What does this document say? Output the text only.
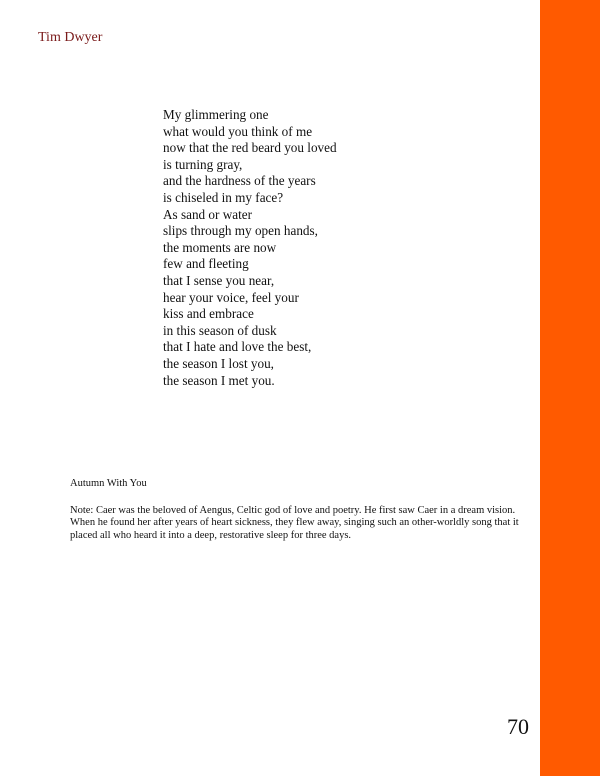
Tim Dwyer
My glimmering one
what would you think of me
now that the red beard you loved
is turning gray,
and the hardness of the years
is chiseled in my face?
As sand or water
slips through my open hands,
the moments are now
few and fleeting
that I sense you near,
hear your voice, feel your
kiss and embrace
in this season of dusk
that I hate and love the best,
the season I lost you,
the season I met you.
Autumn With You
Note: Caer was the beloved of Aengus, Celtic god of love and poetry. He first saw Caer in a dream vision. When he found her after years of heart sickness, they flew away, singing such an other-worldly song that it placed all who heard it into a deep, restorative sleep for three days.
70
